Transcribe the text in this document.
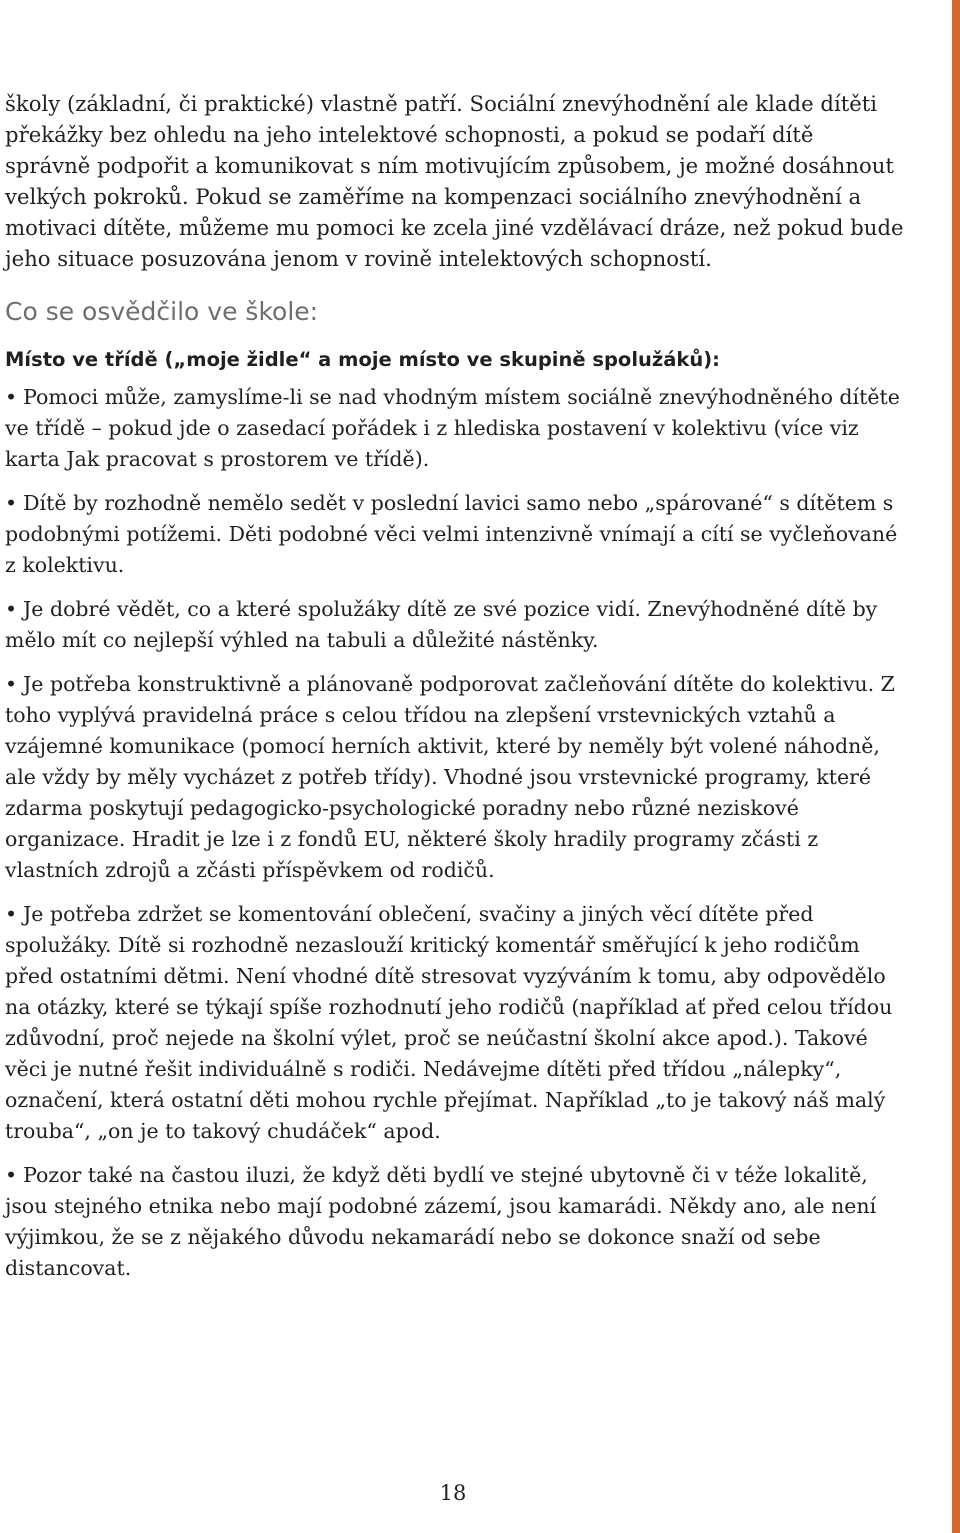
školy (základní, či praktické) vlastně patří. Sociální znevýhodnění ale klade dítěti překážky bez ohledu na jeho intelektové schopnosti, a pokud se podaří dítě správně podpořit a komunikovat s ním motivujícím způsobem, je možné dosáhnout velkých pokroků. Pokud se zaměříme na kompenzaci sociálního znevýhodnění a motivaci dítěte, můžeme mu pomoci ke zcela jiné vzdělávací dráze, než pokud bude jeho situace posuzována jenom v rovině intelektových schopností.

Co se osvědčilo ve škole:
Místo ve třídě („moje židle“ a moje místo ve skupině spolužáků):
• Pomoci může, zamyslíme-li se nad vhodným místem sociálně znevýhodněného dítěte ve třídě – pokud jde o zasedací pořádek i z hlediska postavení v kolektivu (více viz karta Jak pracovat s prostorem ve třídě).
• Dítě by rozhodně nemělo sedět v poslední lavici samo nebo „spárované“ s dítětem s podobnými potížemi. Děti podobné věci velmi intenzivně vnímají a cítí se vyčleňované z kolektivu.
• Je dobré vědět, co a které spolužáky dítě ze své pozice vidí. Znevýhodněné dítě by mělo mít co nejlepší výhled na tabuli a důležité nástěnky.
• Je potřeba konstruktivně a plánovaně podporovat začleňování dítěte do kolektivu. Z toho vyplývá pravidelná práce s celou třídou na zlepšení vrstevnických vztahů a vzájemné komunikace (pomocí herních aktivit, které by neměly být volené náhodně, ale vždy by měly vycházet z potřeb třídy). Vhodné jsou vrstevnické programy, které zdarma poskytují pedagogicko-psychologické poradny nebo různé neziskové organizace. Hradit je lze i z fondů EU, některé školy hradily programy zčásti z vlastních zdrojů a zčásti příspěvkem od rodičů.
• Je potřeba zdržet se komentování oblečení, svačiny a jiných věcí dítěte před spolužáky. Dítě si rozhodně nezaslouží kritický komentář směřující k jeho rodičům před ostatními dětmi. Není vhodné dítě stresovat vyzýváním k tomu, aby odpovědělo na otázky, které se týkají spíše rozhodnutí jeho rodičů (například ať před celou třídou zdůvodní, proč nejede na školní výlet, proč se neúčastní školní akce apod.). Takové věci je nutné řešit individuálně s rodiči. Nedávejme dítěti před třídou „nálepky“, označení, která ostatní děti mohou rychle přejímat. Například „to je takový náš malý trouba“, „on je to takový chudáček“ apod.
• Pozor také na častou iluzi, že když děti bydlí ve stejné ubytovně či v téže lokalitě, jsou stejného etnika nebo mají podobné zázemí, jsou kamarádi. Někdy ano, ale není výjimkou, že se z nějakého důvodu nekamarádí nebo se dokonce snaží od sebe distancovat.
18
